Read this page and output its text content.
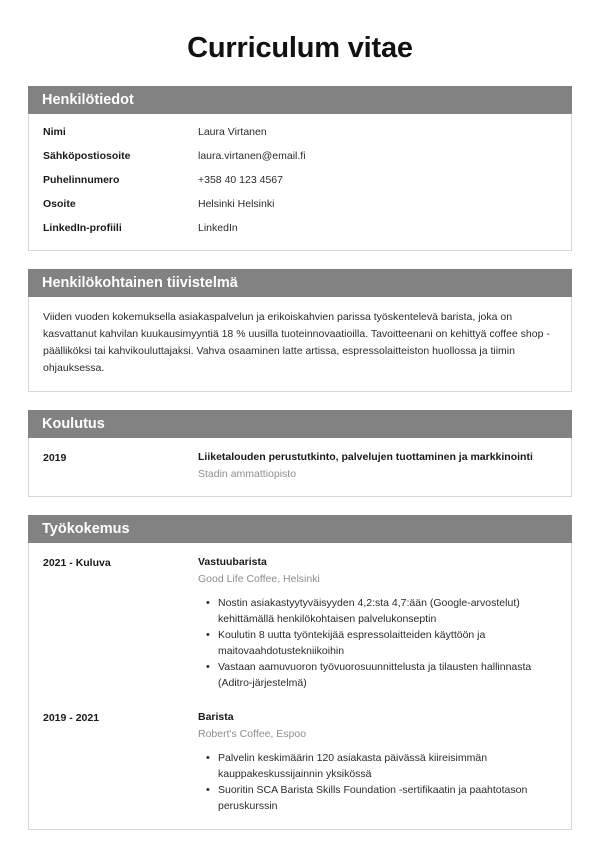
Curriculum vitae
Henkilötiedot
Nimi	Laura Virtanen
Sähköpostiosoite	laura.virtanen@email.fi
Puhelinnumero	+358 40 123 4567
Osoite	Helsinki Helsinki
LinkedIn-profiili	LinkedIn
Henkilökohtainen tiivistelmä

Viiden vuoden kokemuksella asiakaspalvelun ja erikoiskahvien parissa työskentelevä barista, joka on kasvattanut kahvilan kuukausimyyntiä 18 % uusilla tuoteinnovaatioilla. Tavoitteenani on kehittyä coffee shop -päälliköksi tai kahvikouluttajaksi. Vahva osaaminen latte artissa, espressolaitteiston huollossa ja tiimin ohjauksessa.

Koulutus
2019	Liiketalouden perustutkinto, palvelujen tuottaminen ja markkinointi
Stadin ammattiopisto
Työkokemus
2021 - Kuluva	Vastuubarista
Good Life Coffee, Helsinki
• Nostin asiakastyytyväisyyden 4,2:sta 4,7:ään (Google-arvostelut) kehittämällä henkilökohtaisen palvelukonseptin
• Koulutin 8 uutta työntekijää espressolaitteiden käyttöön ja maitovaahdotustekniikoihin
• Vastaan aamuvuoron työvuorosuunnittelusta ja tilausten hallinnasta (Aditro-järjestelmä)
2019 - 2021	Barista
Robert's Coffee, Espoo
• Palvelin keskimäärin 120 asiakasta päivässä kiireisimmän kauppakeskussijainnin yksikössä
• Suoritin SCA Barista Skills Foundation -sertifikaatin ja paahtotason peruskurssin
